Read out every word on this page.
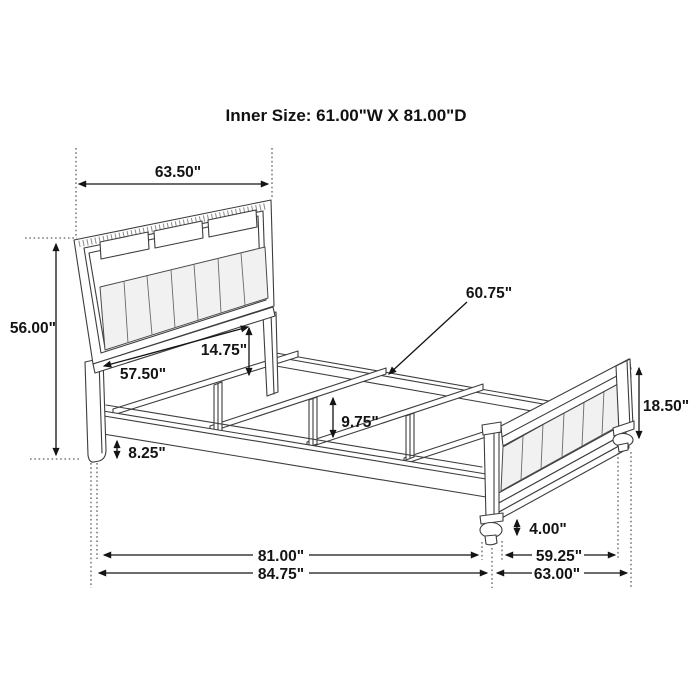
Inner Size: 61.00"W X 81.00"D
63.50"
56.00"
57.50"
14.75"
60.75"
9.75"
8.25"
18.50"
4.00"
81.00"
84.75"
59.25"
63.00"
